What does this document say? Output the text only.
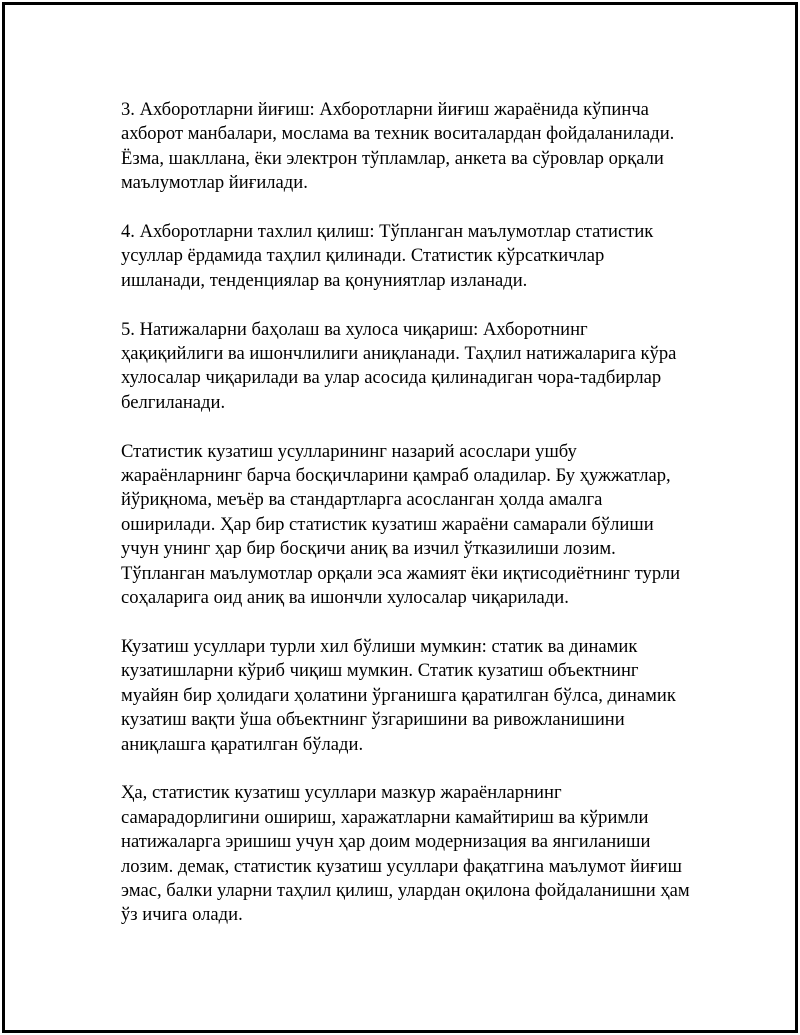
3. Ахборотларни йиғиш: Ахборотларни йиғиш жараёнида кўпинча
ахборот манбалари, мослама ва техник воситалардан фойдаланилади.
Ёзма, шакллана, ёки электрон тўпламлар, анкета ва сўровлар орқали
маълумотлар йиғилади.

4. Ахборотларни тахлил қилиш: Тўпланган маълумотлар статистик
усуллар ёрдамида таҳлил қилинади. Статистик кўрсаткичлар
ишланади, тенденциялар ва қонуниятлар изланади.

5. Натижаларни баҳолаш ва хулоса чиқариш: Ахборотнинг
ҳақиқийлиги ва ишончлилиги аниқланади. Таҳлил натижаларига кўра
хулосалар чиқарилади ва улар асосида қилинадиган чора-тадбирлар
белгиланади.

Статистик кузатиш усулларининг назарий асослари ушбу
жараёнларнинг барча босқичларини қамраб оладилар. Бу ҳужжатлар,
йўриқнома, меъёр ва стандартларга асосланган ҳолда амалга
оширилади. Ҳар бир статистик кузатиш жараёни самарали бўлиши
учун унинг ҳар бир босқичи аниқ ва изчил ўтказилиши лозим.
Тўпланган маълумотлар орқали эса жамият ёки иқтисодиётнинг турли
соҳаларига оид аниқ ва ишончли хулосалар чиқарилади.

Кузатиш усуллари турли хил бўлиши мумкин: статик ва динамик
кузатишларни кўриб чиқиш мумкин. Статик кузатиш объектнинг
муайян бир ҳолидаги ҳолатини ўрганишга қаратилган бўлса, динамик
кузатиш вақти ўша объектнинг ўзгаришини ва ривожланишини
аниқлашга қаратилган бўлади.

Ҳа, статистик кузатиш усуллари мазкур жараёнларнинг
самарадорлигини ошириш, харажатларни камайтириш ва кўримли
натижаларга эришиш учун ҳар доим модернизация ва янгиланиши
лозим. демак, статистик кузатиш усуллари фақатгина маълумот йиғиш
эмас, балки уларни таҳлил қилиш, улардан оқилона фойдаланишни ҳам
ўз ичига олади.
